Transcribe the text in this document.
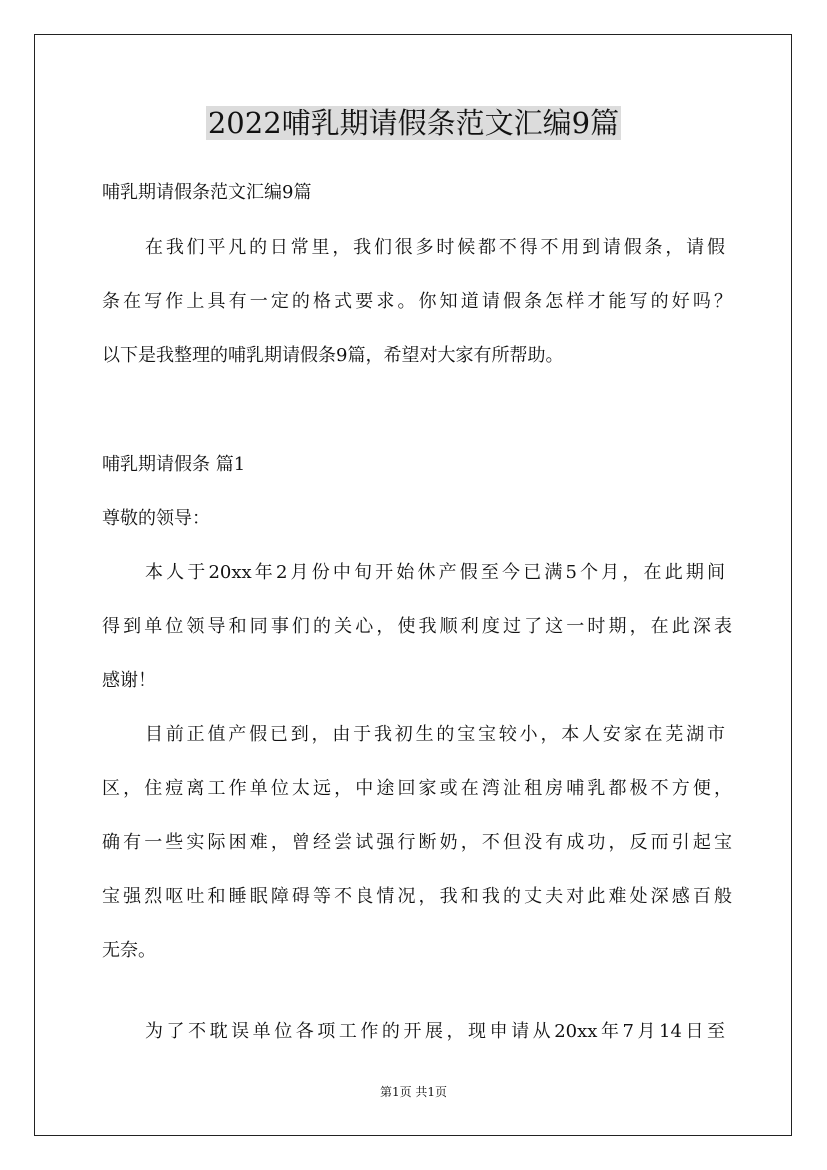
2022哺乳期请假条范文汇编9篇
哺乳期请假条范文汇编9篇
在我们平凡的日常里，我们很多时候都不得不用到请假条，请假
条在写作上具有一定的格式要求。你知道请假条怎样才能写的好吗？
以下是我整理的哺乳期请假条9篇，希望对大家有所帮助。
哺乳期请假条 篇1
尊敬的领导：
本人于20xx年2月份中旬开始休产假至今已满5个月，在此期间
得到单位领导和同事们的关心，使我顺利度过了这一时期，在此深表
感谢！
目前正值产假已到，由于我初生的宝宝较小，本人安家在芜湖市
区，住痘离工作单位太远，中途回家或在湾沚租房哺乳都极不方便，
确有一些实际困难，曾经尝试强行断奶，不但没有成功，反而引起宝
宝强烈呕吐和睡眠障碍等不良情况，我和我的丈夫对此难处深感百般
无奈。
为了不耽误单位各项工作的开展，现申请从20xx年7月14日至
第1页 共1页
